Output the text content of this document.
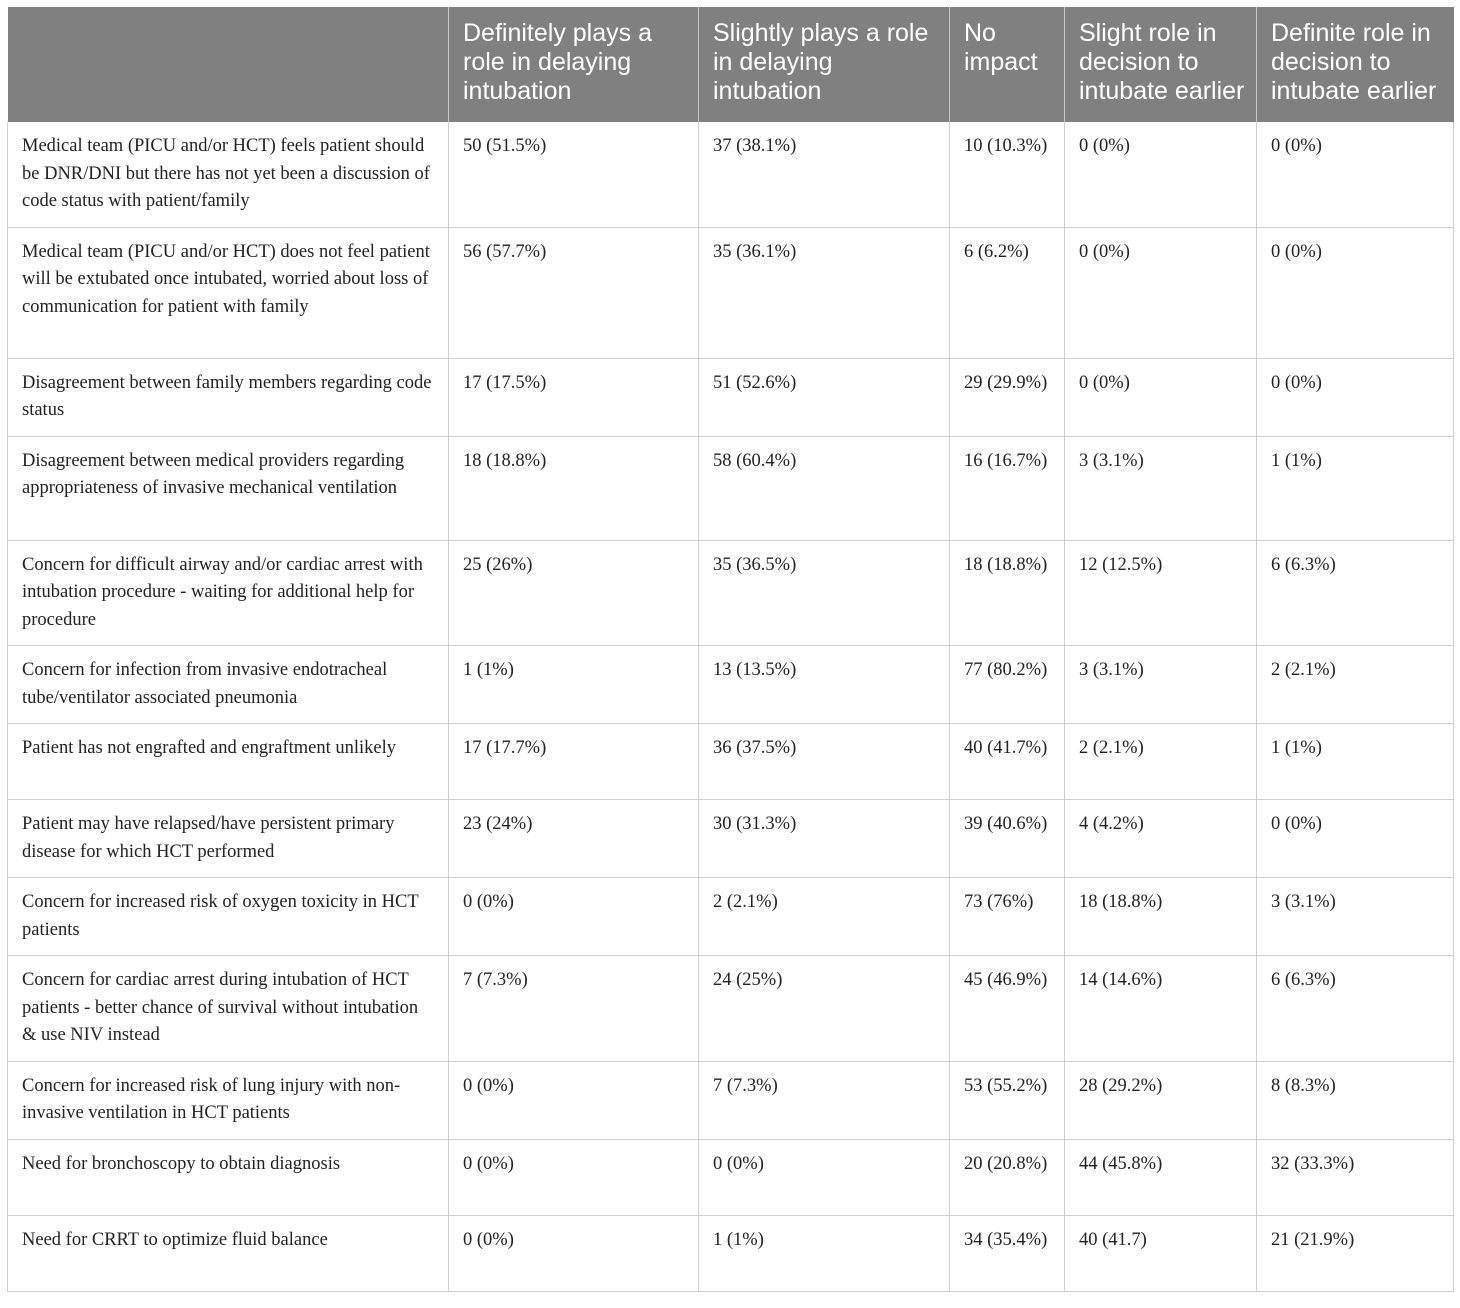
	Definitely plays a role in delaying intubation	Slightly plays a role in delaying intubation	No impact	Slight role in decision to intubate earlier	Definite role in decision to intubate earlier
Medical team (PICU and/or HCT) feels patient should be DNR/DNI but there has not yet been a discussion of code status with patient/family	50 (51.5%)	37 (38.1%)	10 (10.3%)	0 (0%)	0 (0%)
Medical team (PICU and/or HCT) does not feel patient will be extubated once intubated, worried about loss of communication for patient with family	56 (57.7%)	35 (36.1%)	6 (6.2%)	0 (0%)	0 (0%)
Disagreement between family members regarding code status	17 (17.5%)	51 (52.6%)	29 (29.9%)	0 (0%)	0 (0%)
Disagreement between medical providers regarding appropriateness of invasive mechanical ventilation	18 (18.8%)	58 (60.4%)	16 (16.7%)	3 (3.1%)	1 (1%)
Concern for difficult airway and/or cardiac arrest with intubation procedure - waiting for additional help for procedure	25 (26%)	35 (36.5%)	18 (18.8%)	12 (12.5%)	6 (6.3%)
Concern for infection from invasive endotracheal tube/ventilator associated pneumonia	1 (1%)	13 (13.5%)	77 (80.2%)	3 (3.1%)	2 (2.1%)
Patient has not engrafted and engraftment unlikely	17 (17.7%)	36 (37.5%)	40 (41.7%)	2 (2.1%)	1 (1%)
Patient may have relapsed/have persistent primary disease for which HCT performed	23 (24%)	30 (31.3%)	39 (40.6%)	4 (4.2%)	0 (0%)
Concern for increased risk of oxygen toxicity in HCT patients	0 (0%)	2 (2.1%)	73 (76%)	18 (18.8%)	3 (3.1%)
Concern for cardiac arrest during intubation of HCT patients - better chance of survival without intubation & use NIV instead	7 (7.3%)	24 (25%)	45 (46.9%)	14 (14.6%)	6 (6.3%)
Concern for increased risk of lung injury with non-invasive ventilation in HCT patients	0 (0%)	7 (7.3%)	53 (55.2%)	28 (29.2%)	8 (8.3%)
Need for bronchoscopy to obtain diagnosis	0 (0%)	0 (0%)	20 (20.8%)	44 (45.8%)	32 (33.3%)
Need for CRRT to optimize fluid balance	0 (0%)	1 (1%)	34 (35.4%)	40 (41.7)	21 (21.9%)
